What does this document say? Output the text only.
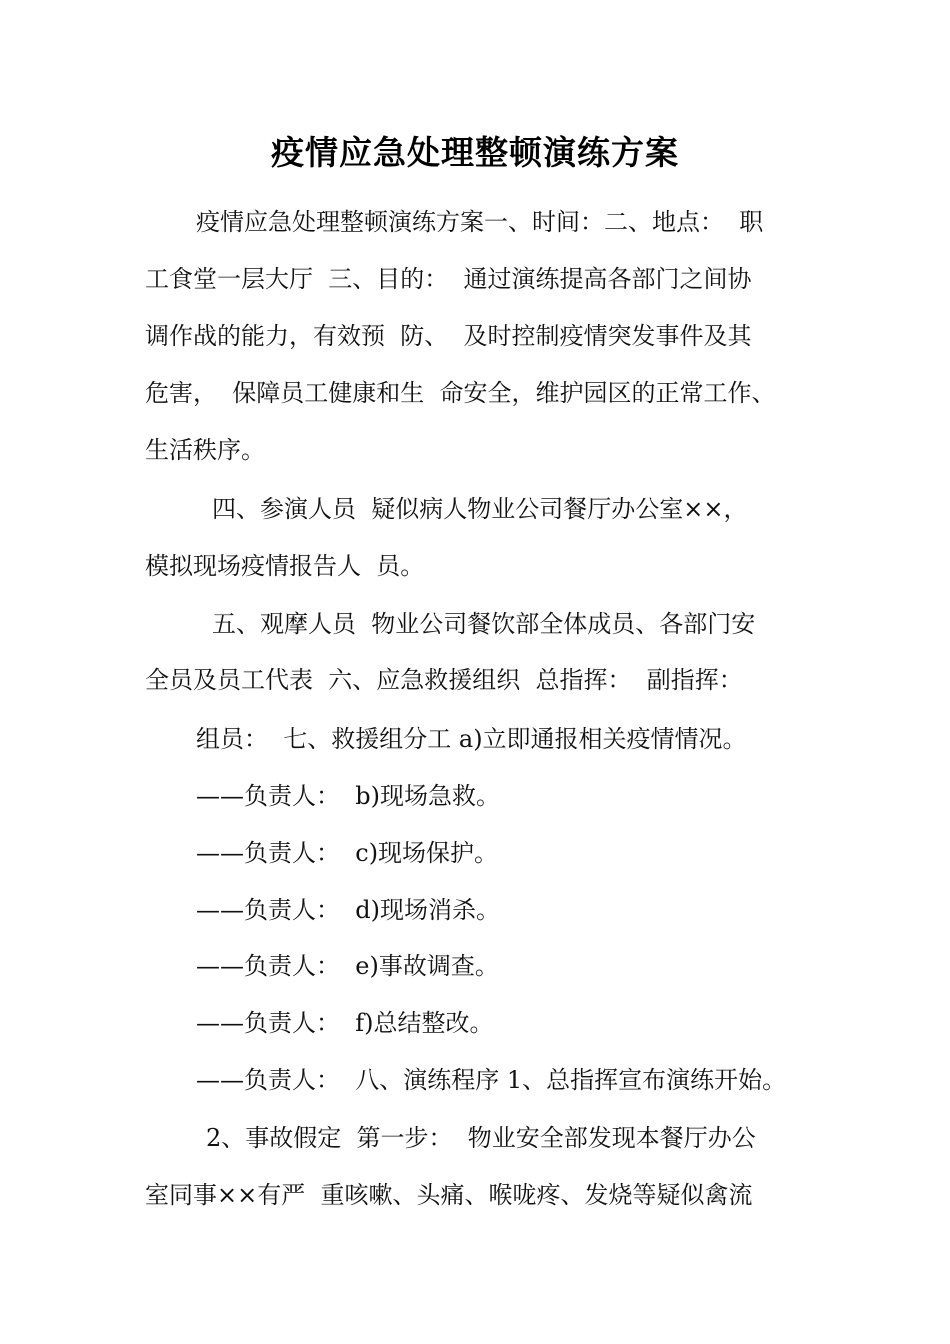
疫情应急处理整顿演练方案
疫情应急处理整顿演练方案一、时间：二、地点：  职
工食堂一层大厅  三、目的：  通过演练提高各部门之间协
调作战的能力，有效预  防、  及时控制疫情突发事件及其
危害，  保障员工健康和生  命安全，维护园区的正常工作、
生活秩序。
四、参演人员  疑似病人物业公司餐厅办公室××，
模拟现场疫情报告人  员。
五、观摩人员  物业公司餐饮部全体成员、各部门安
全员及员工代表  六、应急救援组织  总指挥：  副指挥：
组员：  七、救援组分工 a)立即通报相关疫情情况。
——负责人：  b)现场急救。
——负责人：  c)现场保护。
——负责人：  d)现场消杀。
——负责人：  e)事故调查。
——负责人：  f)总结整改。
——负责人：  八、演练程序 1、总指挥宣布演练开始。
2、事故假定  第一步：  物业安全部发现本餐厅办公
室同事××有严  重咳嗽、头痛、喉咙疼、发烧等疑似禽流
